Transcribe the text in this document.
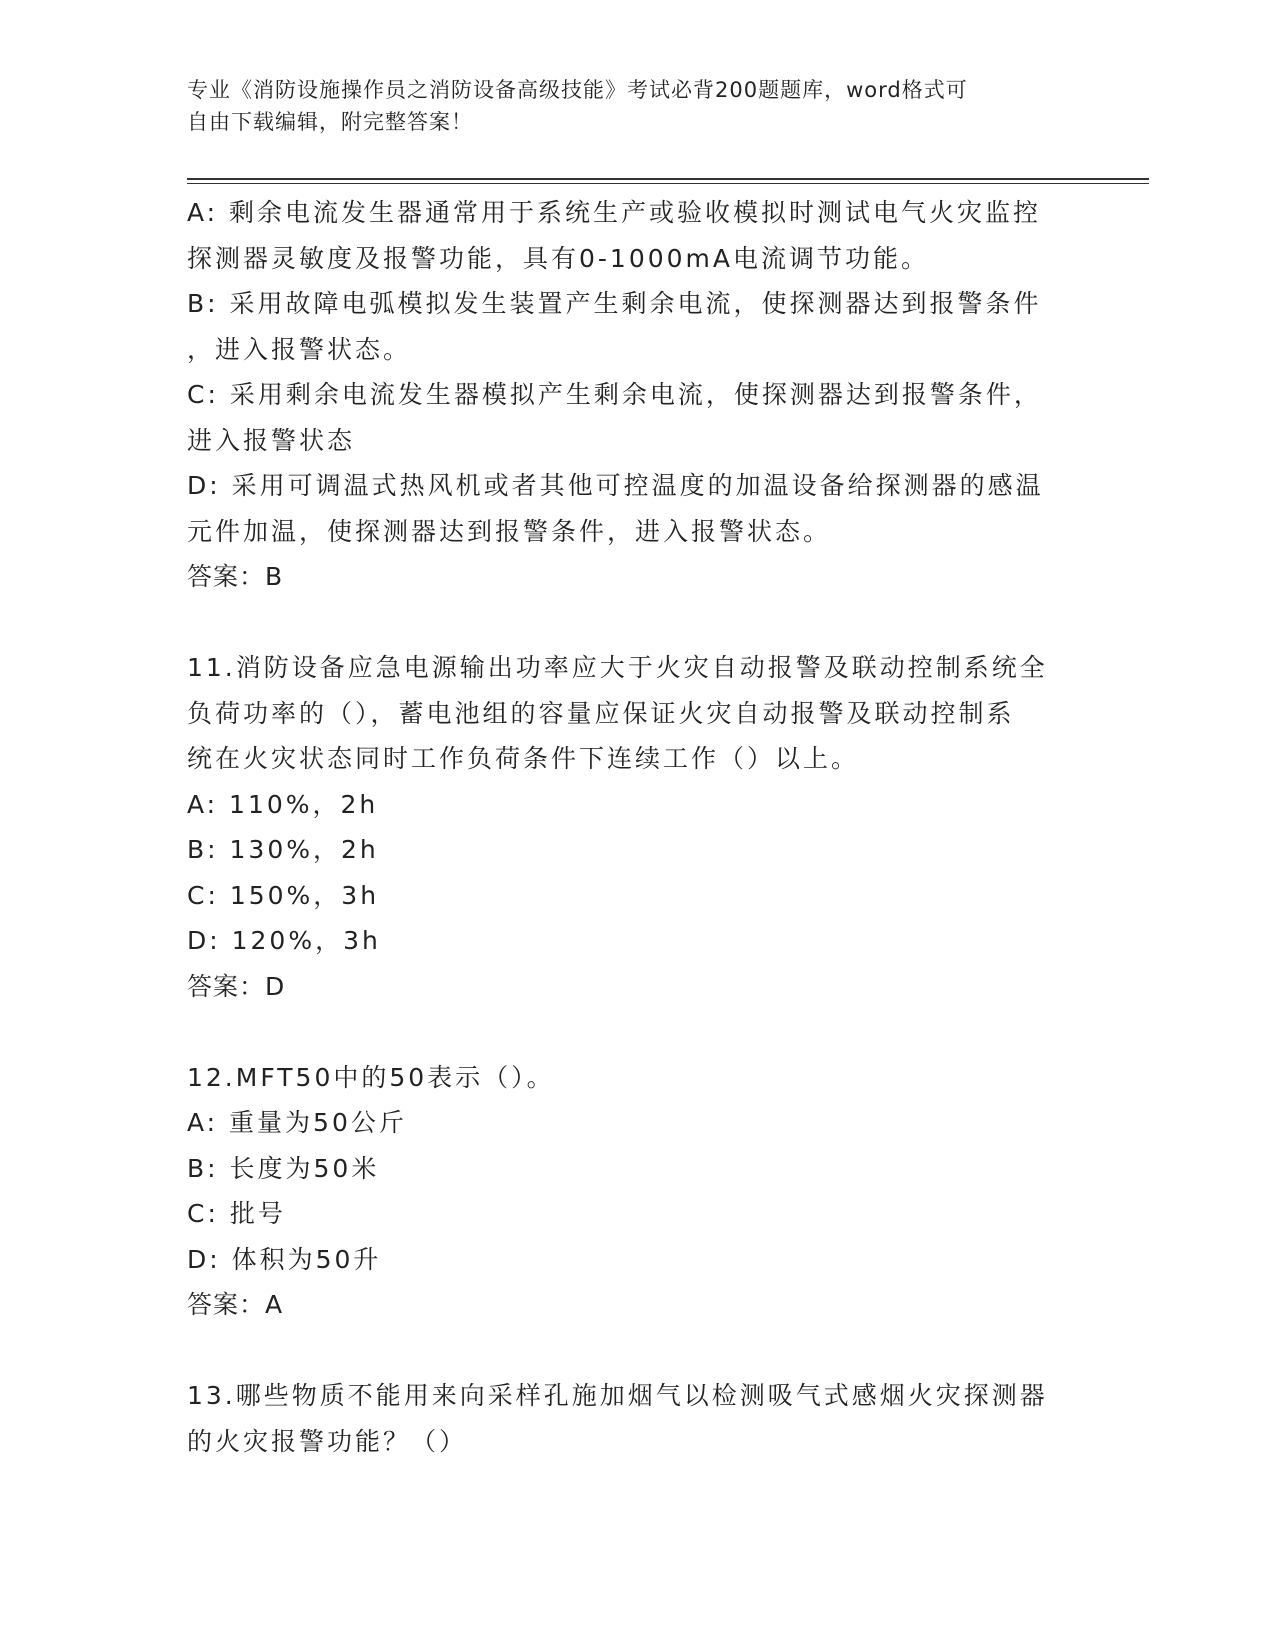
专业《消防设施操作员之消防设备高级技能》考试必背200题题库，word格式可
自由下载编辑，附完整答案！
A: 剩余电流发生器通常用于系统生产或验收模拟时测试电气火灾监控
探测器灵敏度及报警功能，具有0-1000mA电流调节功能。
B: 采用故障电弧模拟发生装置产生剩余电流，使探测器达到报警条件
，进入报警状态。
C: 采用剩余电流发生器模拟产生剩余电流，使探测器达到报警条件，
进入报警状态
D: 采用可调温式热风机或者其他可控温度的加温设备给探测器的感温
元件加温，使探测器达到报警条件，进入报警状态。
答案：B
11.消防设备应急电源输出功率应大于火灾自动报警及联动控制系统全
负荷功率的（），蓄电池组的容量应保证火灾自动报警及联动控制系
统在火灾状态同时工作负荷条件下连续工作（）以上。
A: 110%，2h
B: 130%，2h
C: 150%，3h
D: 120%，3h
答案：D
12.MFT50中的50表示（）。
A: 重量为50公斤
B: 长度为50米
C: 批号
D: 体积为50升
答案：A
13.哪些物质不能用来向采样孔施加烟气以检测吸气式感烟火灾探测器
的火灾报警功能？（）
